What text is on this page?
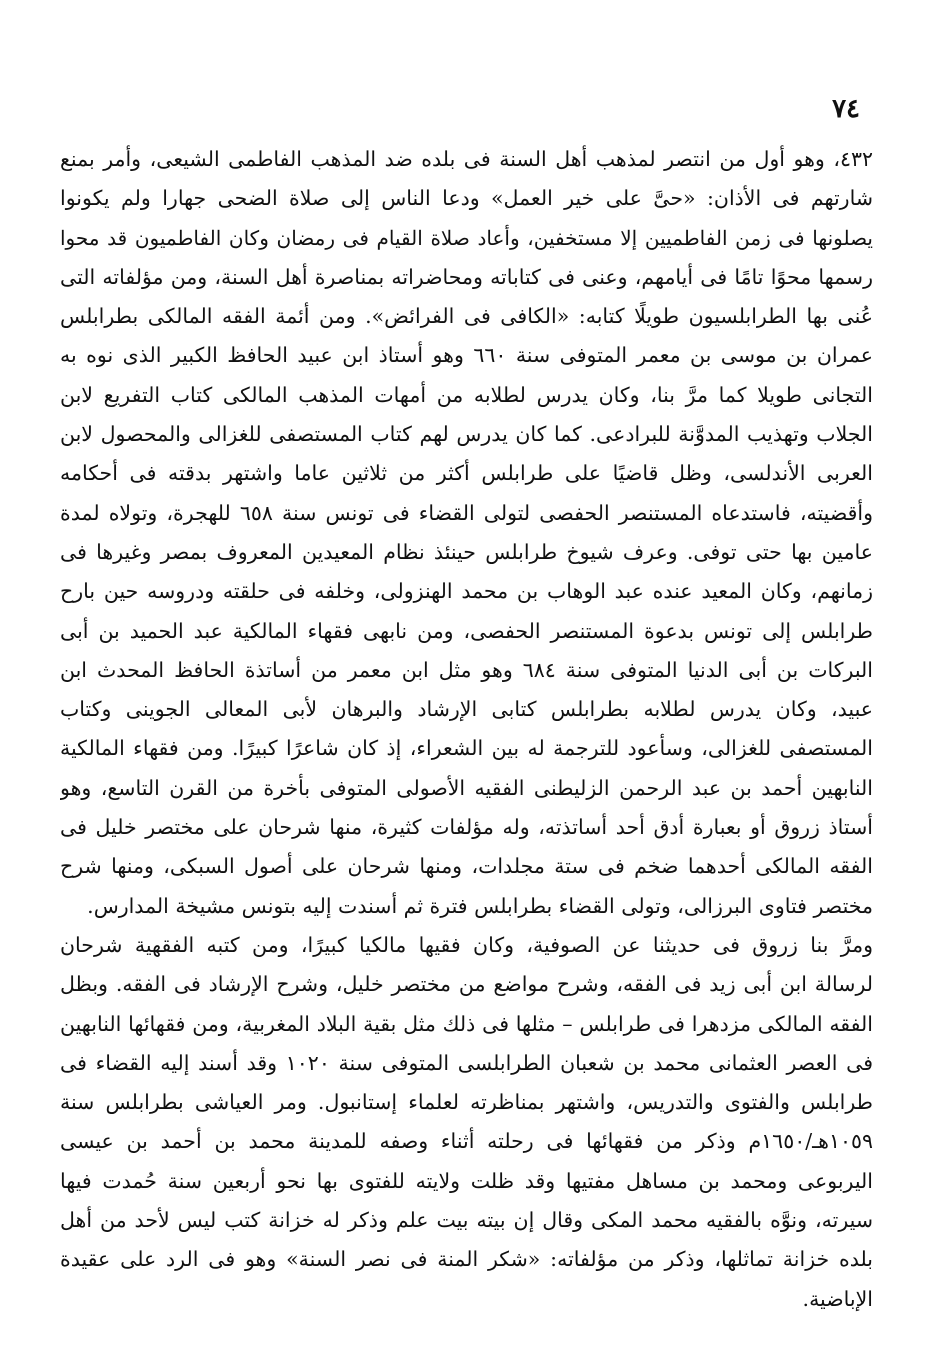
٧٤
٤٣٢، وهو أول من انتصر لمذهب أهل السنة فى بلده ضد المذهب الفاطمى الشيعى، وأمر بمنع
شارتهم فى الأذان: «حىَّ على خير العمل» ودعا الناس إلى صلاة الضحى جهارا ولم يكونوا
يصلونها فى زمن الفاطميين إلا مستخفين، وأعاد صلاة القيام فى رمضان وكان الفاطميون قد محوا
رسمها محوًا تامًا فى أيامهم، وعنى فى كتاباته ومحاضراته بمناصرة أهل السنة، ومن مؤلفاته التى
عُنى بها الطرابلسيون طويلًا كتابه: «الكافى فى الفرائض». ومن أئمة الفقه المالكى بطرابلس
عمران بن موسى بن معمر المتوفى سنة ٦٦٠ وهو أستاذ ابن عبيد الحافظ الكبير الذى نوه به
التجانى طويلا كما مرَّ بنا، وكان يدرس لطلابه من أمهات المذهب المالكى كتاب التفريع لابن
الجلاب وتهذيب المدوَّنة للبرادعى. كما كان يدرس لهم كتاب المستصفى للغزالى والمحصول لابن
العربى الأندلسى، وظل قاضيًا على طرابلس أكثر من ثلاثين عاما واشتهر بدقته فى أحكامه
وأقضيته، فاستدعاه المستنصر الحفصى لتولى القضاء فى تونس سنة ٦٥٨ للهجرة، وتولاه لمدة
عامين بها حتى توفى. وعرف شيوخ طرابلس حينئذ نظام المعيدين المعروف بمصر وغيرها فى
زمانهم، وكان المعيد عنده عبد الوهاب بن محمد الهنزولى، وخلفه فى حلقته ودروسه حين بارح
طرابلس إلى تونس بدعوة المستنصر الحفصى، ومن نابهى فقهاء المالكية عبد الحميد بن أبى
البركات بن أبى الدنيا المتوفى سنة ٦٨٤ وهو مثل ابن معمر من أساتذة الحافظ المحدث ابن
عبيد، وكان يدرس لطلابه بطرابلس كتابى الإرشاد والبرهان لأبى المعالى الجوينى وكتاب
المستصفى للغزالى، وسأعود للترجمة له بين الشعراء، إذ كان شاعرًا كبيرًا. ومن فقهاء المالكية
النابهين أحمد بن عبد الرحمن الزليطنى الفقيه الأصولى المتوفى بأخرة من القرن التاسع، وهو
أستاذ زروق أو بعبارة أدق أحد أساتذته، وله مؤلفات كثيرة، منها شرحان على مختصر خليل فى
الفقه المالكى أحدهما ضخم فى ستة مجلدات، ومنها شرحان على أصول السبكى، ومنها شرح
مختصر فتاوى البرزالى، وتولى القضاء بطرابلس فترة ثم أسندت إليه بتونس مشيخة المدارس.
ومرَّ بنا زروق فى حديثنا عن الصوفية، وكان فقيها مالكيا كبيرًا، ومن كتبه الفقهية شرحان
لرسالة ابن أبى زيد فى الفقه، وشرح مواضع من مختصر خليل، وشرح الإرشاد فى الفقه. وبظل
الفقه المالكى مزدهرا فى طرابلس – مثلها فى ذلك مثل بقية البلاد المغربية، ومن فقهائها النابهين
فى العصر العثمانى محمد بن شعبان الطرابلسى المتوفى سنة ١٠٢٠ وقد أسند إليه القضاء فى
طرابلس والفتوى والتدريس، واشتهر بمناظرته لعلماء إستانبول. ومر العياشى بطرابلس سنة
١٠٥٩هـ/١٦٥٠م وذكر من فقهائها فى رحلته أثناء وصفه للمدينة محمد بن أحمد بن عيسى
اليربوعى ومحمد بن مساهل مفتيها وقد ظلت ولايته للفتوى بها نحو أربعين سنة حُمدت فيها
سيرته، ونوَّه بالفقيه محمد المكى وقال إن بيته بيت علم وذكر له خزانة كتب ليس لأحد من أهل
بلده خزانة تماثلها، وذكر من مؤلفاته: «شكر المنة فى نصر السنة» وهو فى الرد على عقيدة
الإباضية.
